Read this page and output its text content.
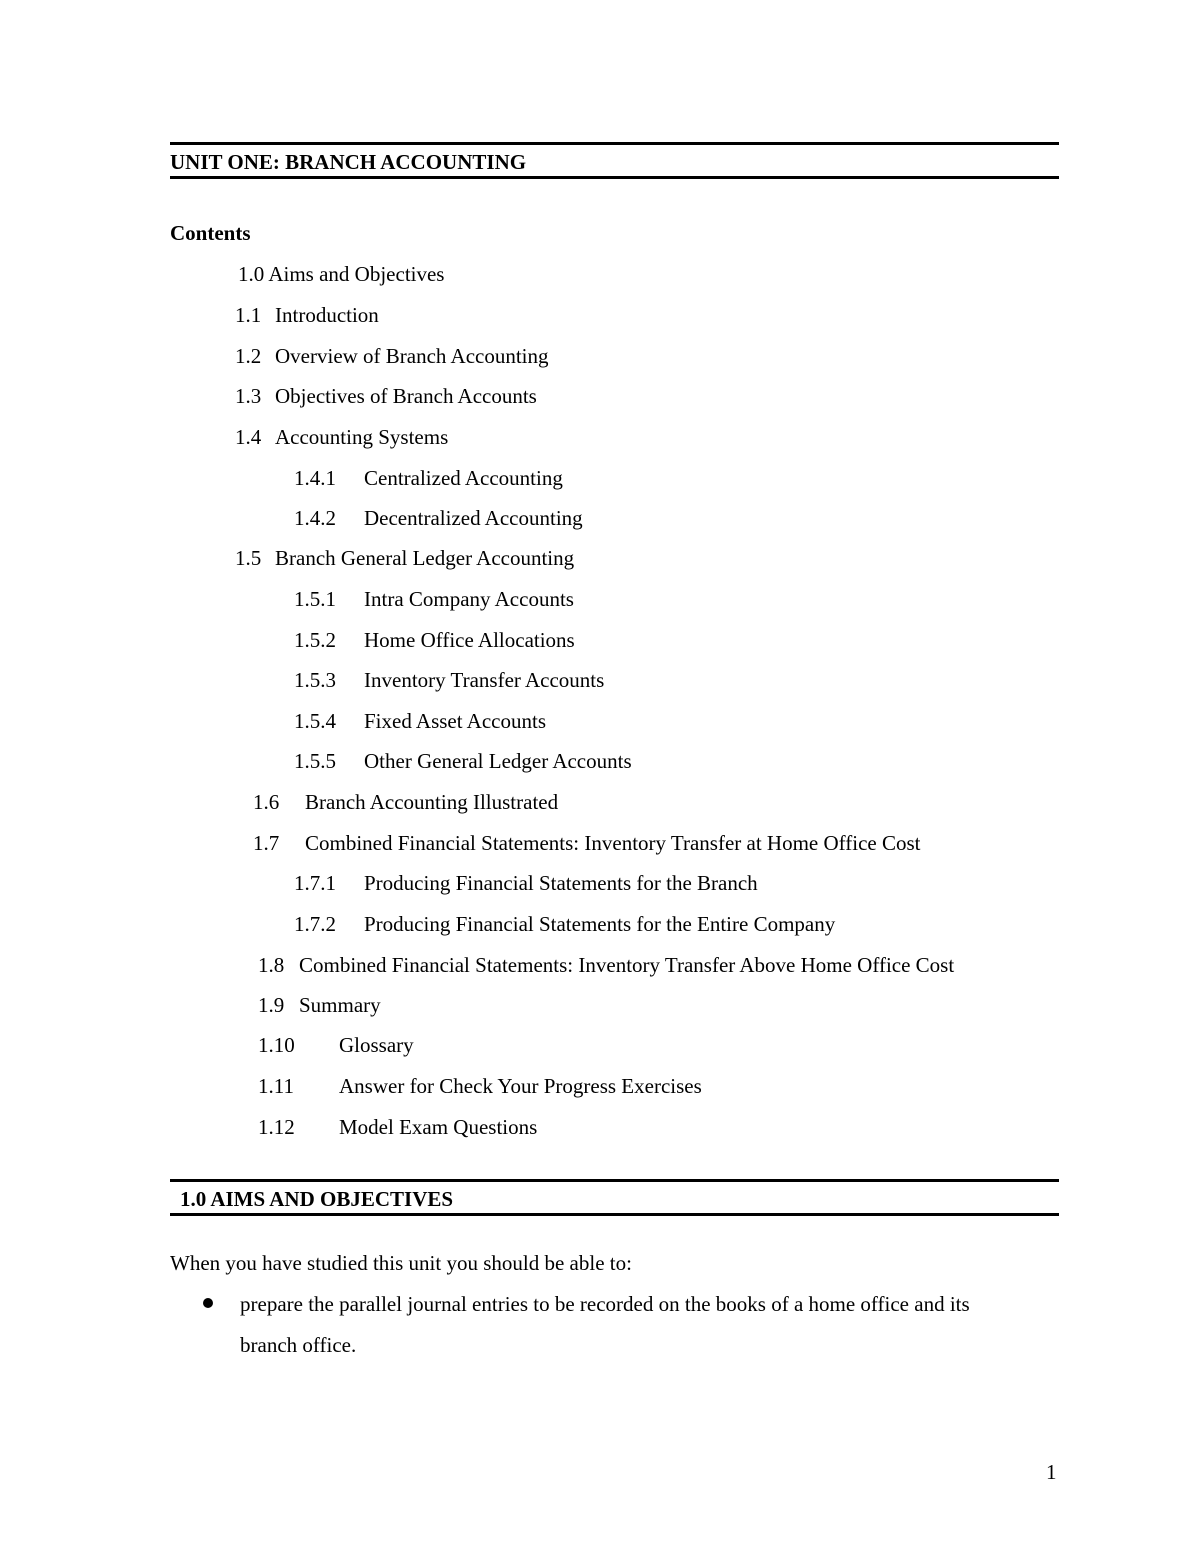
UNIT ONE: BRANCH ACCOUNTING
Contents
1.0 Aims and Objectives
1.1 Introduction
1.2 Overview of Branch Accounting
1.3 Objectives of Branch Accounts
1.4 Accounting Systems
1.4.1 Centralized Accounting
1.4.2 Decentralized Accounting
1.5 Branch General Ledger Accounting
1.5.1 Intra Company Accounts
1.5.2 Home Office Allocations
1.5.3 Inventory Transfer Accounts
1.5.4 Fixed Asset Accounts
1.5.5 Other General Ledger Accounts
1.6 Branch Accounting Illustrated
1.7 Combined Financial Statements: Inventory Transfer at Home Office Cost
1.7.1 Producing Financial Statements for the Branch
1.7.2 Producing Financial Statements for the Entire Company
1.8 Combined Financial Statements: Inventory Transfer Above Home Office Cost
1.9 Summary
1.10 Glossary
1.11 Answer for Check Your Progress Exercises
1.12 Model Exam Questions
1.0 AIMS AND OBJECTIVES
When you have studied this unit you should be able to:
prepare the parallel journal entries to be recorded on the books of a home office and its
branch office.
1
